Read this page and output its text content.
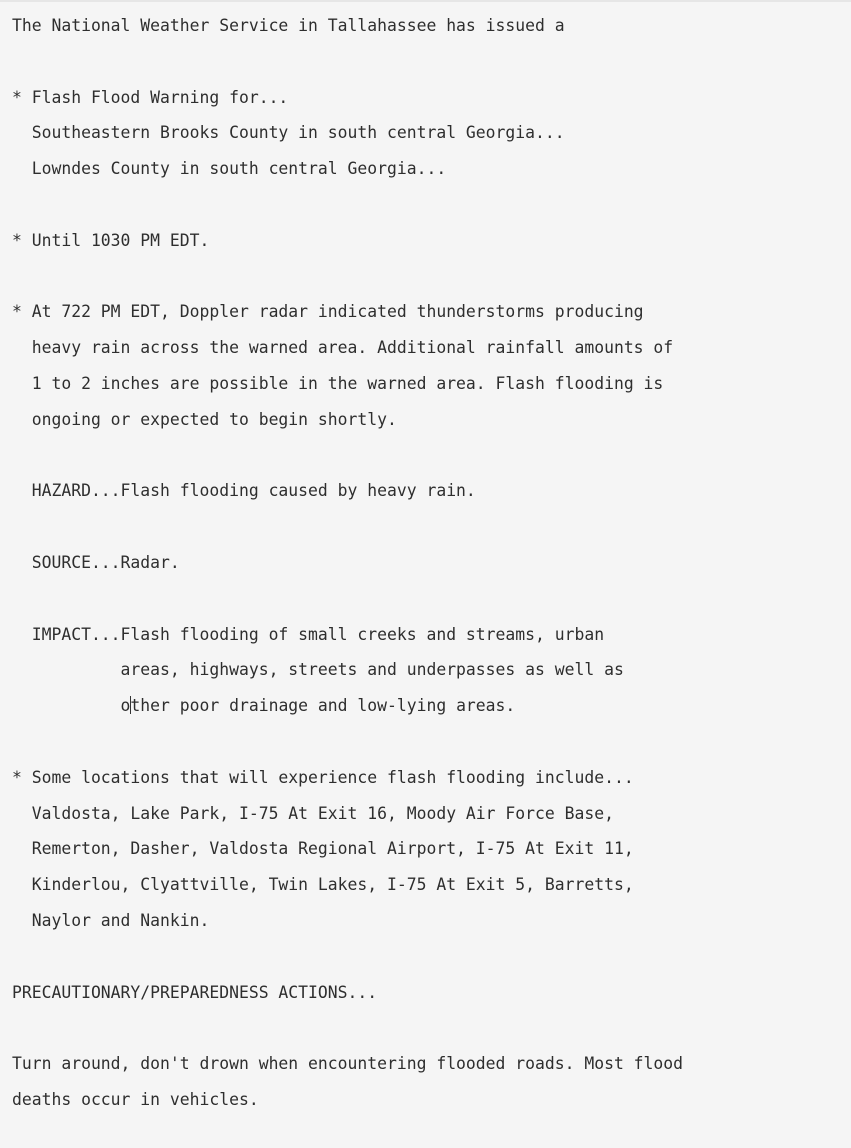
The National Weather Service in Tallahassee has issued a
* Flash Flood Warning for...
Southeastern Brooks County in south central Georgia...
Lowndes County in south central Georgia...
* Until 1030 PM EDT.
* At 722 PM EDT, Doppler radar indicated thunderstorms producing
heavy rain across the warned area. Additional rainfall amounts of
1 to 2 inches are possible in the warned area. Flash flooding is
ongoing or expected to begin shortly.
HAZARD...Flash flooding caused by heavy rain.
SOURCE...Radar.
IMPACT...Flash flooding of small creeks and streams, urban
areas, highways, streets and underpasses as well as
other poor drainage and low-lying areas.
* Some locations that will experience flash flooding include...
Valdosta, Lake Park, I-75 At Exit 16, Moody Air Force Base,
Remerton, Dasher, Valdosta Regional Airport, I-75 At Exit 11,
Kinderlou, Clyattville, Twin Lakes, I-75 At Exit 5, Barretts,
Naylor and Nankin.
PRECAUTIONARY/PREPAREDNESS ACTIONS...
Turn around, don't drown when encountering flooded roads. Most flood
deaths occur in vehicles.
